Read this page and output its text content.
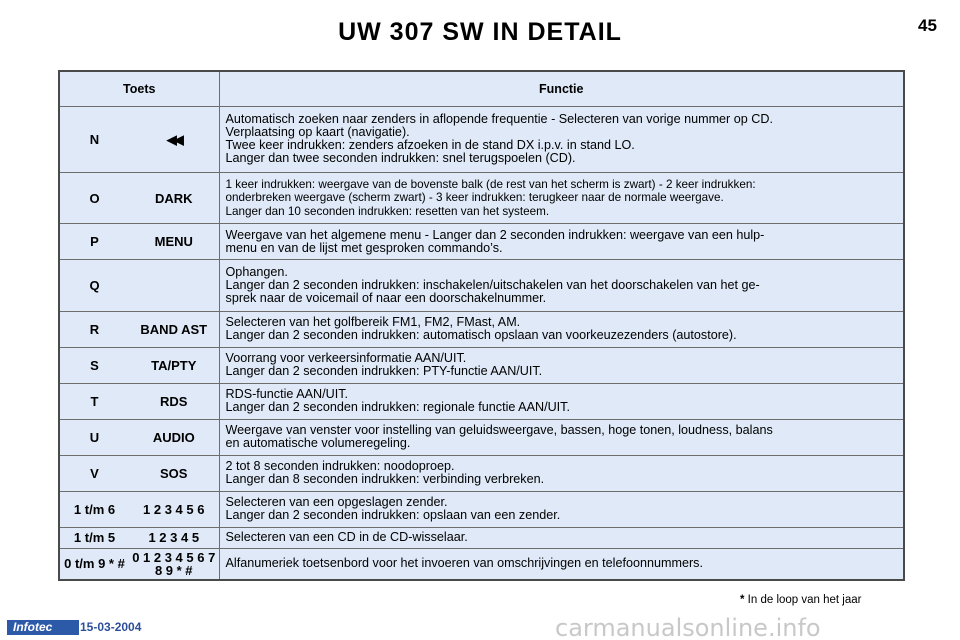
UW 307 SW IN DETAIL	45
Toets		Functie
N	◀◀	Automatisch zoeken naar zenders in aflopende frequentie - Selecteren van vorige nummer op CD.
Verplaatsing op kaart (navigatie).
Twee keer indrukken: zenders afzoeken in de stand DX i.p.v. in stand LO.
Langer dan twee seconden indrukken: snel terugspoelen (CD).

O	DARK	1 keer indrukken: weergave van de bovenste balk (de rest van het scherm is zwart) - 2 keer indrukken:
onderbreken weergave (scherm zwart) - 3 keer indrukken: terugkeer naar de normale weergave.
Langer dan 10 seconden indrukken: resetten van het systeem.

P	MENU	Weergave van het algemene menu - Langer dan 2 seconden indrukken: weergave van een hulp-
menu en van de lijst met gesproken commando’s.

Q		Ophangen.
Langer dan 2 seconden indrukken: inschakelen/uitschakelen van het doorschakelen van het ge-
sprek naar de voicemail of naar een doorschakelnummer.

R	BAND AST	Selecteren van het golfbereik FM1, FM2, FMast, AM.
Langer dan 2 seconden indrukken: automatisch opslaan van voorkeuzezenders (autostore).

S	TA/PTY	Voorrang voor verkeersinformatie AAN/UIT.
Langer dan 2 seconden indrukken: PTY-functie AAN/UIT.

T	RDS	RDS-functie AAN/UIT.
Langer dan 2 seconden indrukken: regionale functie AAN/UIT.

U	AUDIO	Weergave van venster voor instelling van geluidsweergave, bassen, hoge tonen, loudness, balans
en automatische volumeregeling.

V	SOS	2 tot 8 seconden indrukken: noodoproep.
Langer dan 8 seconden indrukken: verbinding verbreken.

1 t/m 6	1 2 3 4 5 6	Selecteren van een opgeslagen zender.
Langer dan 2 seconden indrukken: opslaan van een zender.

1 t/m 5	1 2 3 4 5	Selecteren van een CD in de CD-wisselaar.

0 t/m 9 * #	0 1 2 3 4 5 6 7 8 9 * #	Alfanumeriek toetsenbord voor het invoeren van omschrijvingen en telefoonnummers.
* In de loop van het jaar
Infotec	15-03-2004	carmanualsonline.info
